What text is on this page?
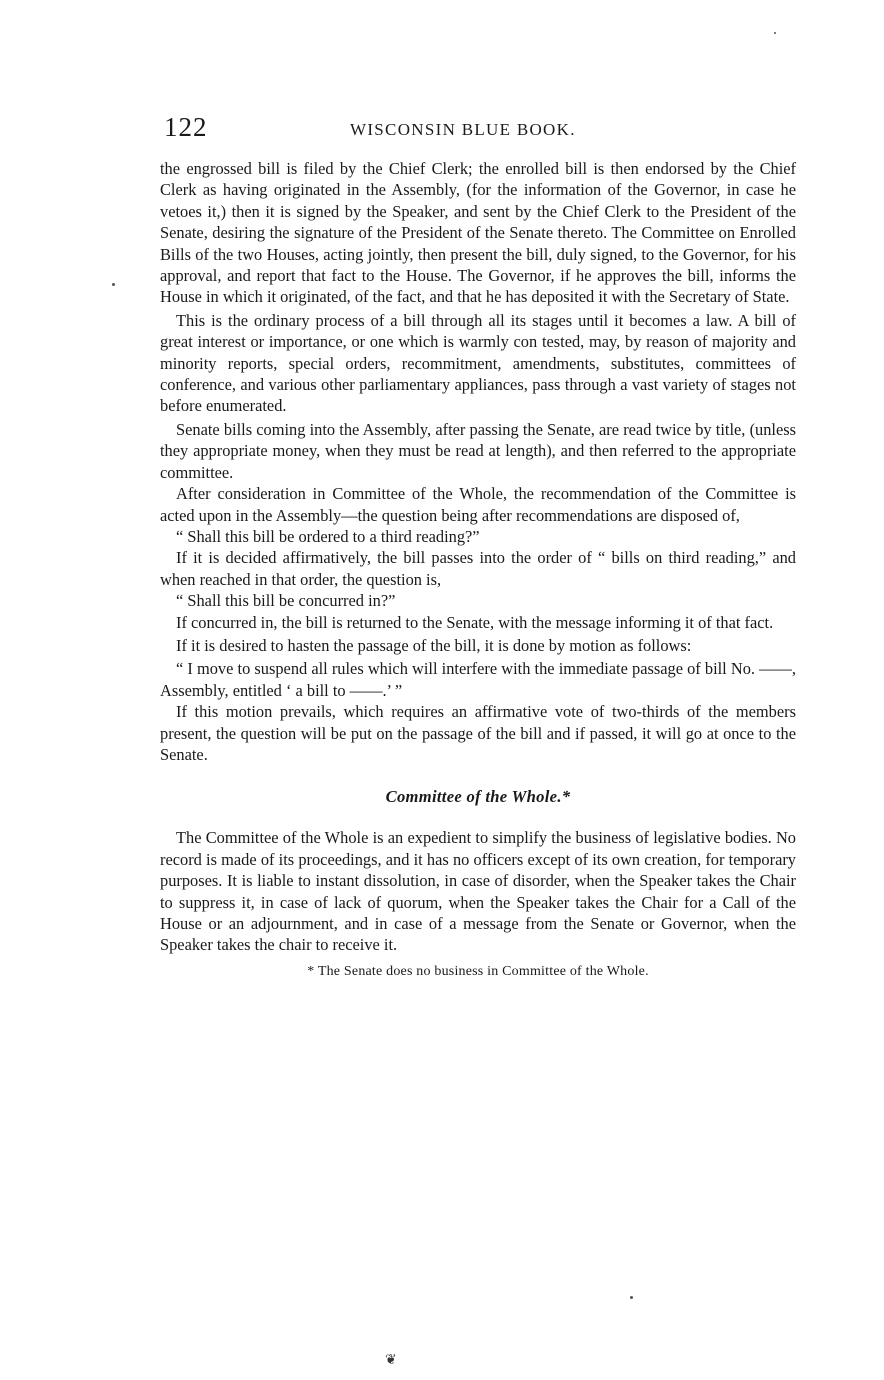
122	WISCONSIN BLUE BOOK.

the engrossed bill is filed by the Chief Clerk; the enrolled bill is then endorsed by the Chief Clerk as having originated in the Assembly, (for the information of the Governor, in case he vetoes it,) then it is signed by the Speaker, and sent by the Chief Clerk to the President of the Senate, desiring the signature of the President of the Senate thereto. The Committee on Enrolled Bills of the two Houses, acting jointly, then present the bill, duly signed, to the Governor, for his approval, and report that fact to the House. The Governor, if he approves the bill, informs the House in which it originated, of the fact, and that he has deposited it with the Secretary of State.

This is the ordinary process of a bill through all its stages until it becomes a law. A bill of great interest or importance, or one which is warmly con tested, may, by reason of majority and minority reports, special orders, recommitment, amendments, substitutes, committees of conference, and various other parliamentary appliances, pass through a vast variety of stages not before enumerated.

Senate bills coming into the Assembly, after passing the Senate, are read twice by title, (unless they appropriate money, when they must be read at length), and then referred to the appropriate committee.

After consideration in Committee of the Whole, the recommendation of the Committee is acted upon in the Assembly—the question being after recommendations are disposed of,

“ Shall this bill be ordered to a third reading?”

If it is decided affirmatively, the bill passes into the order of “ bills on third reading,” and when reached in that order, the question is,

“ Shall this bill be concurred in?”

If concurred in, the bill is returned to the Senate, with the message informing it of that fact.

If it is desired to hasten the passage of the bill, it is done by motion as follows:

“ I move to suspend all rules which will interfere with the immediate passage of bill No. ——, Assembly, entitled ‘ a bill to ——.’ ”

If this motion prevails, which requires an affirmative vote of two-thirds of the members present, the question will be put on the passage of the bill and if passed, it will go at once to the Senate.

Committee of the Whole.*

The Committee of the Whole is an expedient to simplify the business of legislative bodies. No record is made of its proceedings, and it has no officers except of its own creation, for temporary purposes. It is liable to instant dissolution, in case of disorder, when the Speaker takes the Chair to suppress it, in case of lack of quorum, when the Speaker takes the Chair for a Call of the House or an adjournment, and in case of a message from the Senate or Governor, when the Speaker takes the chair to receive it.

* The Senate does no business in Committee of the Whole.

❦
